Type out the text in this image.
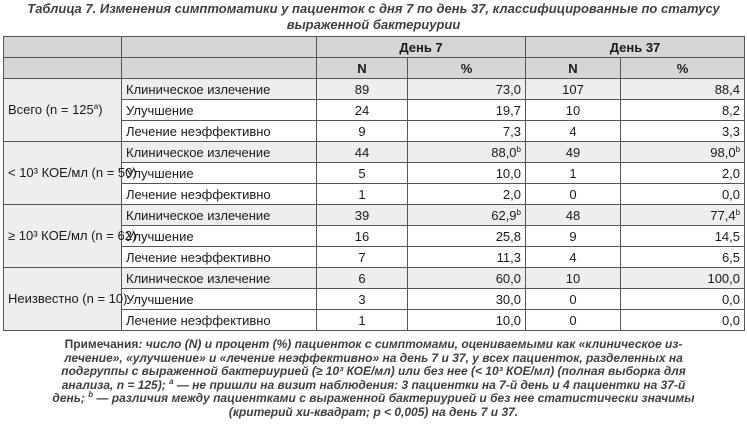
Таблица 7. Изменения симптоматики у пациенток с дня 7 по день 37, классифицированные по статусу
выраженной бактериурии
		День 7		День 37	
		N	%	N	%
Всего $(n = 125^a)$	Клиническое излечение	89	73,0	107	88,4
	Улучшение	24	19,7	10	8,2
	Лечение неэффективно	9	7,3	4	3,3
< 10³ КОЕ/мл (n = 50)	Клиническое излечение	44	88,0$^b$	49	98,0$^b$
	Улучшение	5	10,0	1	2,0
	Лечение неэффективно	1	2,0	0	0,0
≥ 10³ КОЕ/мл (n = 62)	Клиническое излечение	39	62,9$^b$	48	77,4$^b$
	Улучшение	16	25,8	9	14,5
	Лечение неэффективно	7	11,3	4	6,5
Неизвестно (n = 10)	Клиническое излечение	6	60,0	10	100,0
	Улучшение	3	30,0	0	0,0
	Лечение неэффективно	1	10,0	0	0,0
Примечания: число (N) и процент (%) пациенток с симптомами, оцениваемыми как «клиническое из-
лечение», «улучшение» и «лечение неэффективно» на день 7 и 37, у всех пациенток, разделенных на
подгруппы с выраженной бактериурией (≥ 10³ КОЕ/мл) или без нее (< 10³ КОЕ/мл) (полная выборка для
анализа, n = 125); $^a$ — не пришли на визит наблюдения: 3 пациентки на 7-й день и 4 пациентки на 37-й
день; $^b$ — различия между пациентками с выраженной бактериурией и без нее статистически значимы
(критерий хи-квадрат; p < 0,005) на день 7 и 37.
